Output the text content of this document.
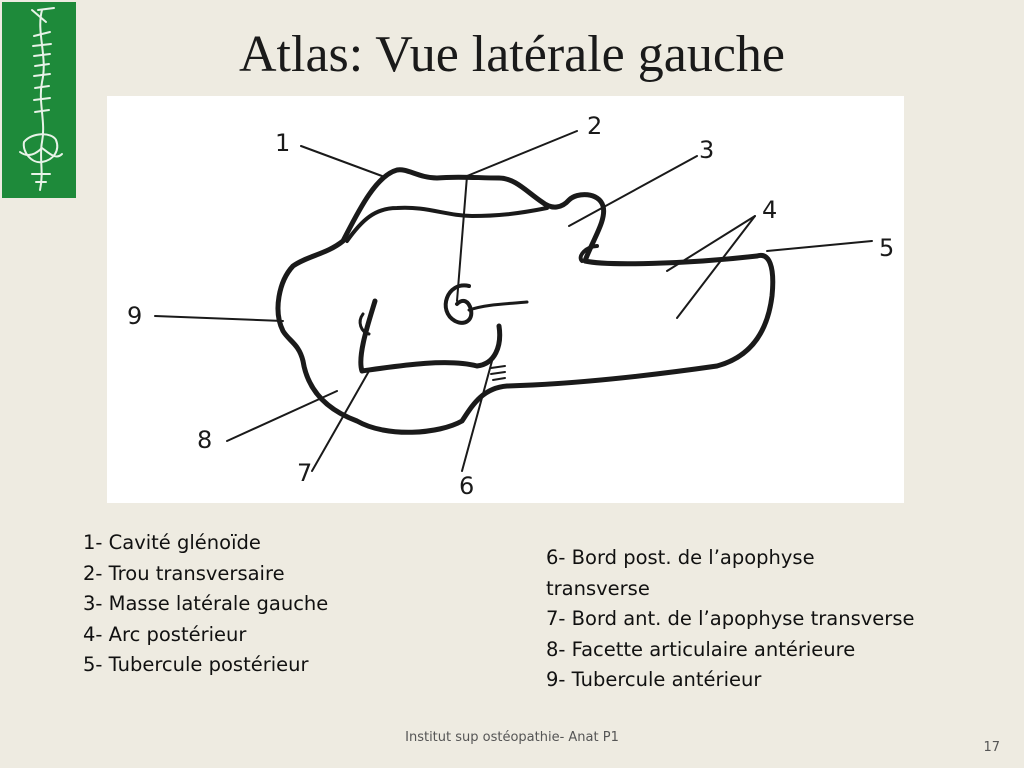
Atlas: Vue latérale gauche
1
2
3
4
5
9
8
7	6
1- Cavité glénoïde
2- Trou transversaire
3- Masse latérale gauche
4- Arc postérieur
5- Tubercule postérieur
6- Bord post. de l’apophyse
transverse
7- Bord ant. de l’apophyse transverse
8- Facette articulaire antérieure
9- Tubercule antérieur
Institut sup ostéopathie- Anat P1
17
